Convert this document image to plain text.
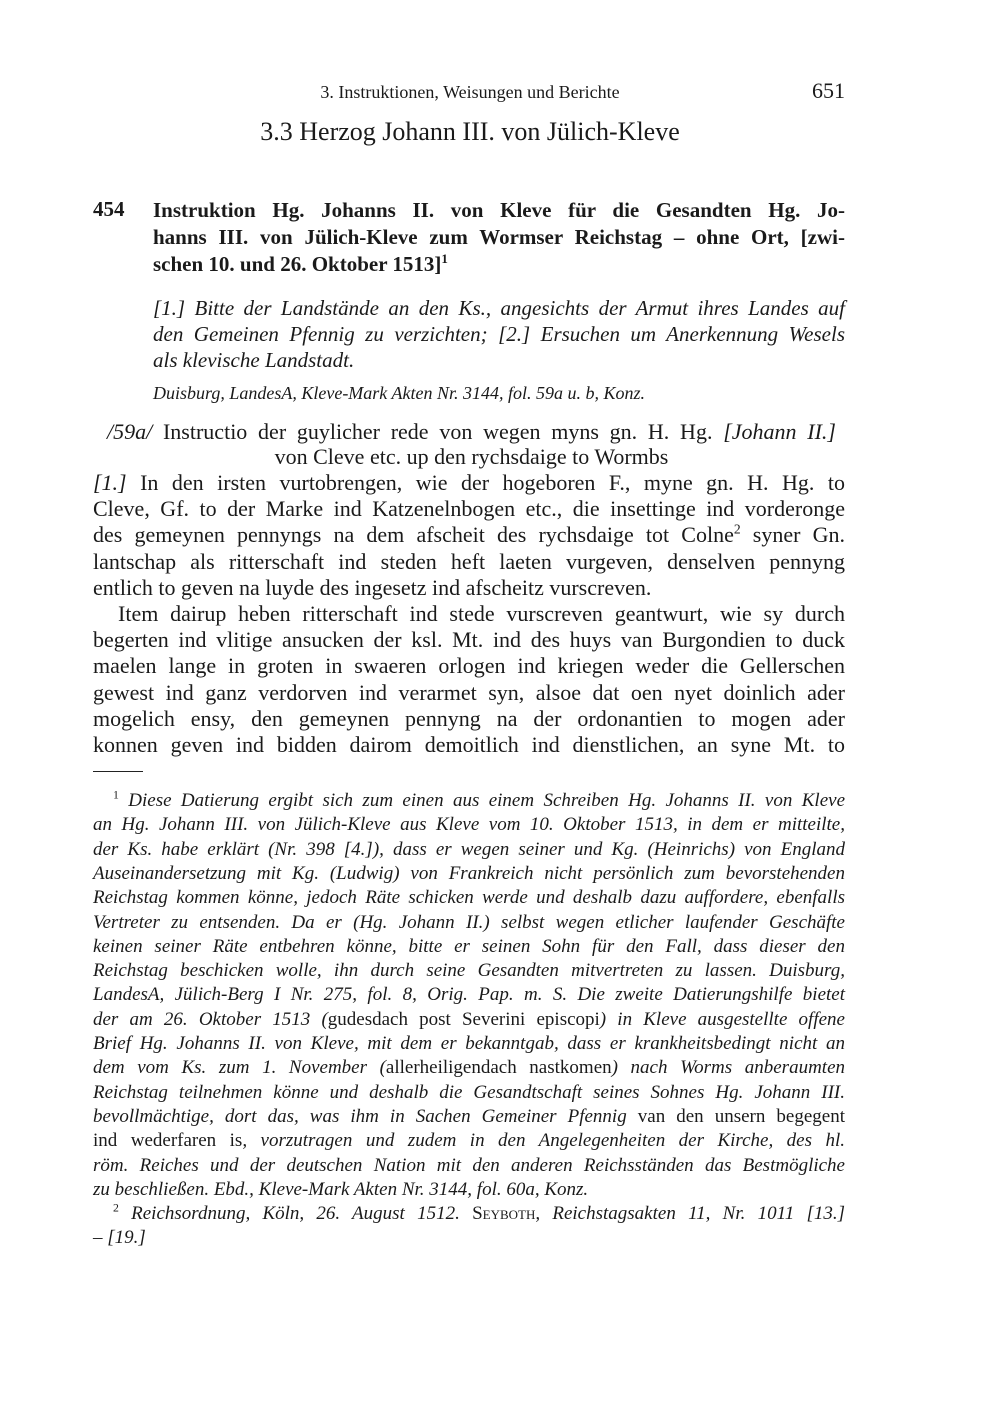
3. Instruktionen, Weisungen und Berichte	651
3.3 Herzog Johann III. von Jülich-Kleve
454 Instruktion Hg. Johanns II. von Kleve für die Gesandten Hg. Jo-
hanns III. von Jülich-Kleve zum Wormser Reichstag – ohne Ort, [zwi-
schen 10. und 26. Oktober 1513]$^1$
[1.] Bitte der Landstände an den Ks., angesichts der Armut ihres Landes auf
den Gemeinen Pfennig zu verzichten; [2.] Ersuchen um Anerkennung Wesels
als klevische Landstadt.
Duisburg, LandesA, Kleve-Mark Akten Nr. 3144, fol. 59a u. b, Konz.
/59a/ Instructio der guylicher rede von wegen myns gn. H. Hg. [Johann II.]
von Cleve etc. up den rychsdaige to Wormbs
[1.] In den irsten vurtobrengen, wie der hogeboren F., myne gn. H. Hg. to
Cleve, Gf. to der Marke ind Katzenelnbogen etc., die insettinge ind vorderonge
des gemeynen pennyngs na dem afscheit des rychsdaige tot Colne$^2$ syner Gn.
lantschap als ritterschaft ind steden heft laeten vurgeven, denselven pennyng
entlich to geven na luyde des ingesetz ind afscheitz vurscreven.
Item dairup heben ritterschaft ind stede vurscreven geantwurt, wie sy durch
begerten ind vlitige ansucken der ksl. Mt. ind des huys van Burgondien to duck
maelen lange in groten in swaeren orlogen ind kriegen weder die Gellerschen
gewest ind ganz verdorven ind verarmet syn, alsoe dat oen nyet doinlich ader
mogelich ensy, den gemeynen pennyng na der ordonantien to mogen ader
konnen geven ind bidden dairom demoitlich ind dienstlichen, an syne Mt. to
$^1$ Diese Datierung ergibt sich zum einen aus einem Schreiben Hg. Johanns II. von Kleve
an Hg. Johann III. von Jülich-Kleve aus Kleve vom 10. Oktober 1513, in dem er mitteilte,
der Ks. habe erklärt (Nr. 398 [4.]), dass er wegen seiner und Kg. (Heinrichs) von England
Auseinandersetzung mit Kg. (Ludwig) von Frankreich nicht persönlich zum bevorstehenden
Reichstag kommen könne, jedoch Räte schicken werde und deshalb dazu auffordere, ebenfalls
Vertreter zu entsenden. Da er (Hg. Johann II.) selbst wegen etlicher laufender Geschäfte
keinen seiner Räte entbehren könne, bitte er seinen Sohn für den Fall, dass dieser den
Reichstag beschicken wolle, ihn durch seine Gesandten mitvertreten zu lassen. Duisburg,
LandesA, Jülich-Berg I Nr. 275, fol. 8, Orig. Pap. m. S. Die zweite Datierungshilfe bietet
der am 26. Oktober 1513 (gudesdach post Severini episcopi) in Kleve ausgestellte offene
Brief Hg. Johanns II. von Kleve, mit dem er bekanntgab, dass er krankheitsbedingt nicht an
dem vom Ks. zum 1. November (allerheiligendach nastkomen) nach Worms anberaumten
Reichstag teilnehmen könne und deshalb die Gesandtschaft seines Sohnes Hg. Johann III.
bevollmächtige, dort das, was ihm in Sachen Gemeiner Pfennig van den unsern begegent
ind wederfaren is, vorzutragen und zudem in den Angelegenheiten der Kirche, des hl.
röm. Reiches und der deutschen Nation mit den anderen Reichsständen das Bestmögliche
zu beschließen. Ebd., Kleve-Mark Akten Nr. 3144, fol. 60a, Konz.
$^2$ Reichsordnung, Köln, 26. August 1512. Seyboth, Reichstagsakten 11, Nr. 1011 [13.]
– [19.]
